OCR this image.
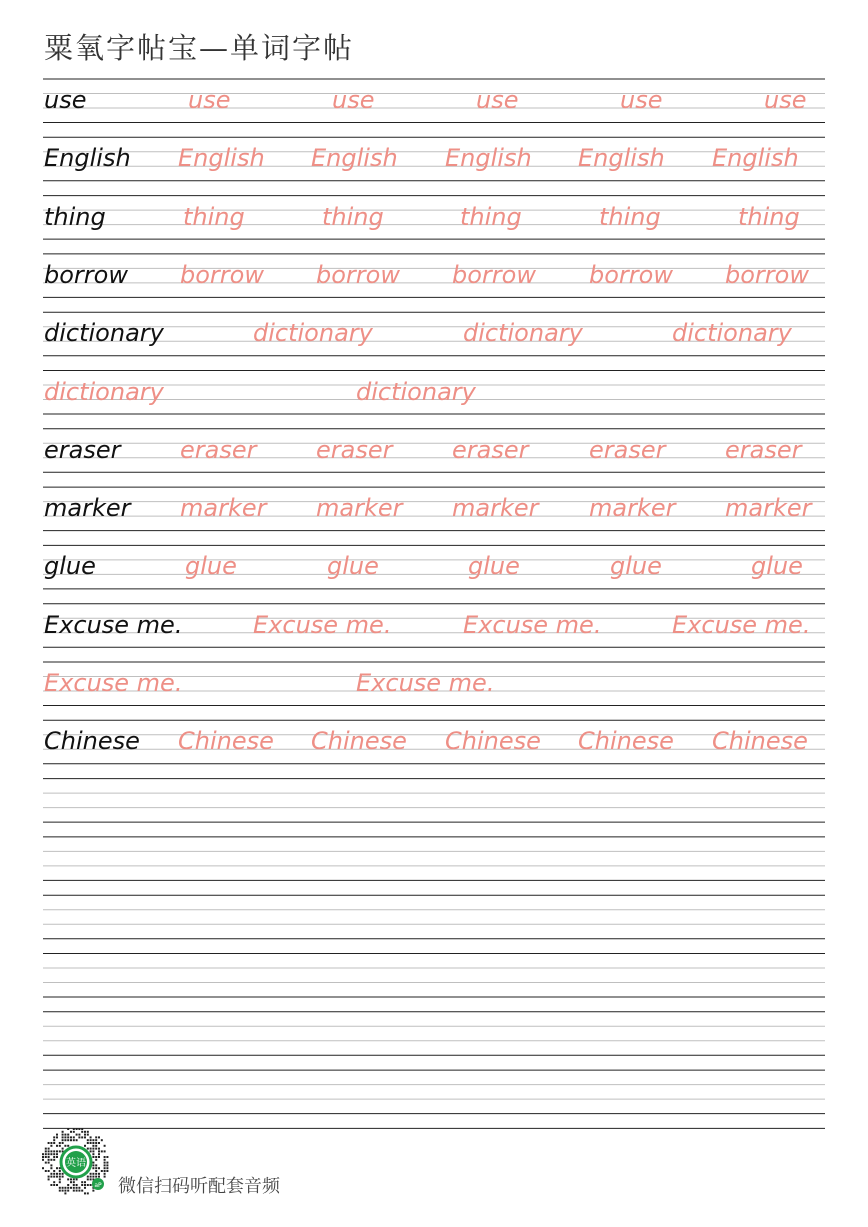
粟氧字帖宝—单词字帖
use	use	use	use	use	use
English English English English English English
thing	thing	thing	thing	thing	thing
borrow borrow borrow borrow borrow borrow
dictionary	dictionary	dictionary	dictionary
dictionary	dictionary
eraser eraser eraser eraser	eraser eraser
marker marker marker marker marker marker
glue	glue	glue	glue	glue	glue
Excuse me.	Excuse me.	Excuse me.	Excuse me.
Excuse me.	Excuse me.
Chinese Chinese Chinese Chinese Chinese Chinese
英语
aP 微信扫码听配套音频
